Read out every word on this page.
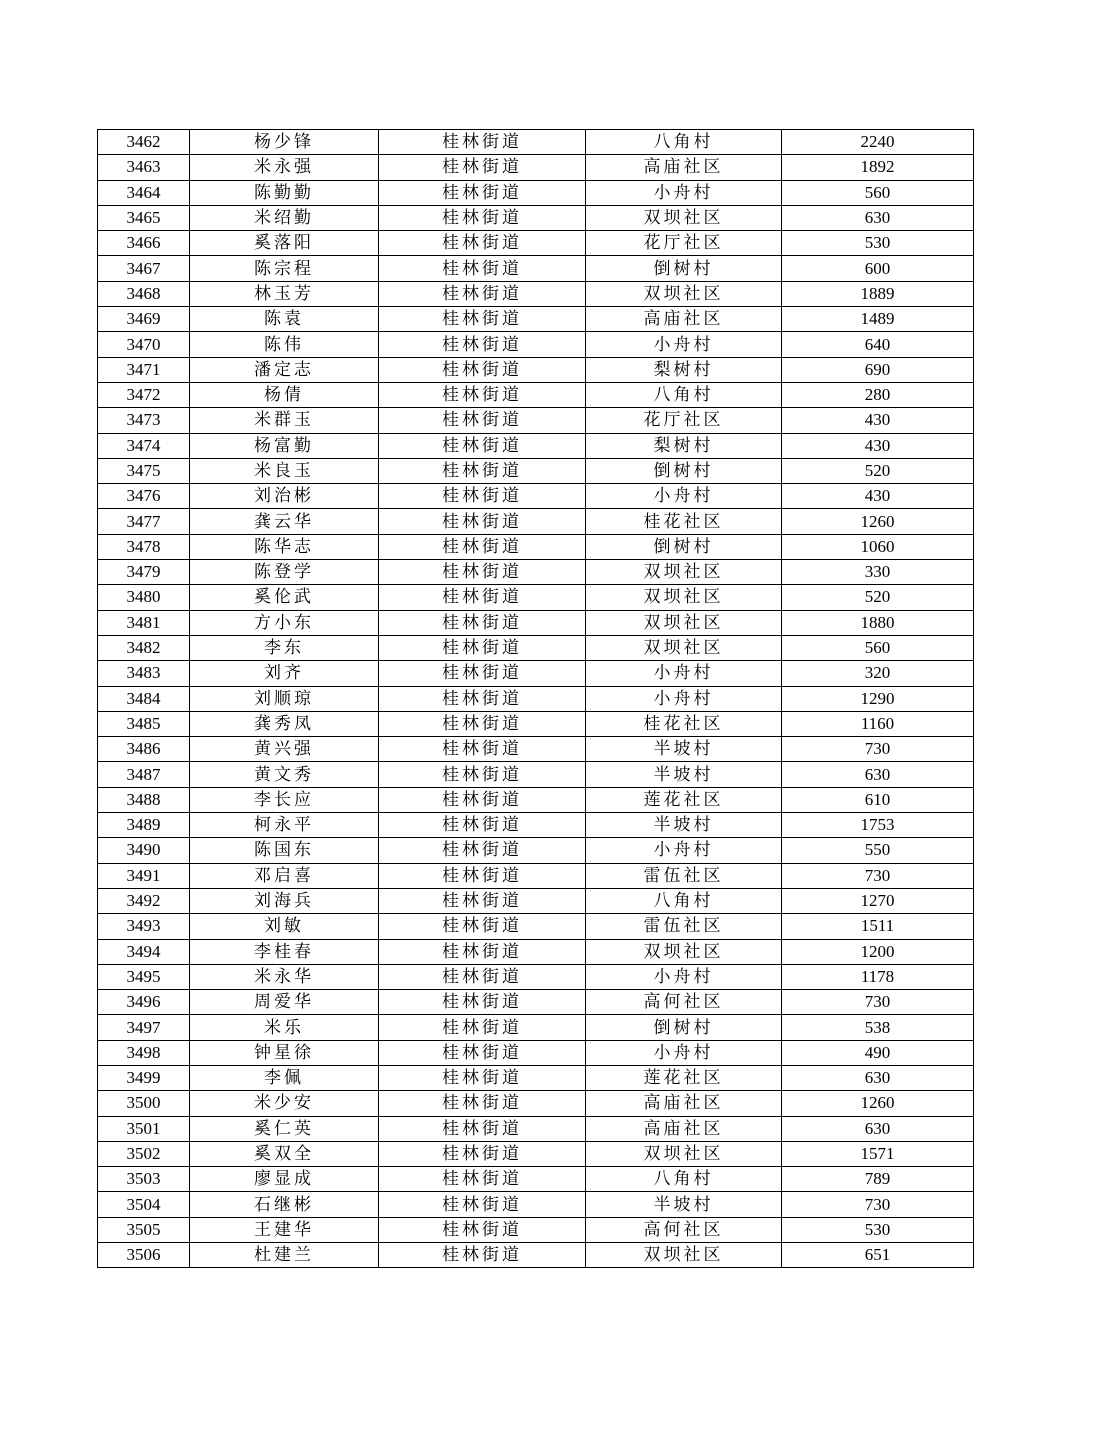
3462	杨少锋	桂林街道	八角村	2240
3463	米永强	桂林街道	高庙社区	1892
3464	陈勤勤	桂林街道	小舟村	560
3465	米绍勤	桂林街道	双坝社区	630
3466	奚落阳	桂林街道	花厅社区	530
3467	陈宗程	桂林街道	倒树村	600
3468	林玉芳	桂林街道	双坝社区	1889
3469	陈袁	桂林街道	高庙社区	1489
3470	陈伟	桂林街道	小舟村	640
3471	潘定志	桂林街道	梨树村	690
3472	杨倩	桂林街道	八角村	280
3473	米群玉	桂林街道	花厅社区	430
3474	杨富勤	桂林街道	梨树村	430
3475	米良玉	桂林街道	倒树村	520
3476	刘治彬	桂林街道	小舟村	430
3477	龚云华	桂林街道	桂花社区	1260
3478	陈华志	桂林街道	倒树村	1060
3479	陈登学	桂林街道	双坝社区	330
3480	奚伦武	桂林街道	双坝社区	520
3481	方小东	桂林街道	双坝社区	1880
3482	李东	桂林街道	双坝社区	560
3483	刘齐	桂林街道	小舟村	320
3484	刘顺琼	桂林街道	小舟村	1290
3485	龚秀凤	桂林街道	桂花社区	1160
3486	黄兴强	桂林街道	半坡村	730
3487	黄文秀	桂林街道	半坡村	630
3488	李长应	桂林街道	莲花社区	610
3489	柯永平	桂林街道	半坡村	1753
3490	陈国东	桂林街道	小舟村	550
3491	邓启喜	桂林街道	雷伍社区	730
3492	刘海兵	桂林街道	八角村	1270
3493	刘敏	桂林街道	雷伍社区	1511
3494	李桂春	桂林街道	双坝社区	1200
3495	米永华	桂林街道	小舟村	1178
3496	周爱华	桂林街道	高何社区	730
3497	米乐	桂林街道	倒树村	538
3498	钟星徐	桂林街道	小舟村	490
3499	李佩	桂林街道	莲花社区	630
3500	米少安	桂林街道	高庙社区	1260
3501	奚仁英	桂林街道	高庙社区	630
3502	奚双全	桂林街道	双坝社区	1571
3503	廖显成	桂林街道	八角村	789
3504	石继彬	桂林街道	半坡村	730
3505	王建华	桂林街道	高何社区	530
3506	杜建兰	桂林街道	双坝社区	651
